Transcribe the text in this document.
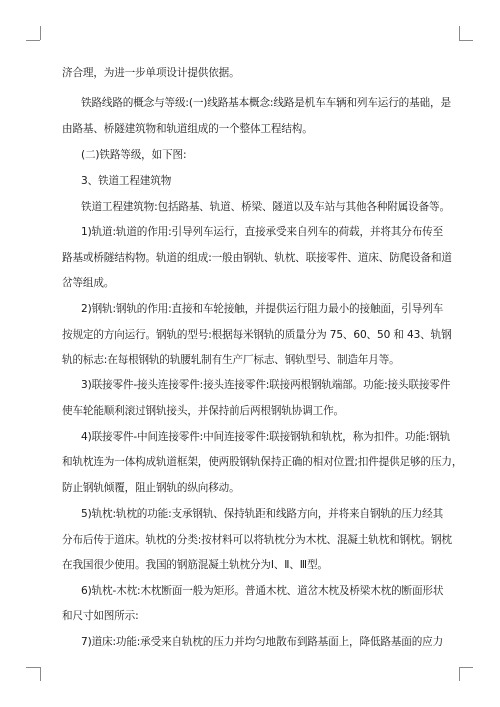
济合理，为进一步单项设计提供依据。
铁路线路的概念与等级:(一)线路基本概念:线路是机车车辆和列车运行的基础，是
由路基、桥隧建筑物和轨道组成的一个整体工程结构。
(二)铁路等级，如下图:
3、铁道工程建筑物
铁道工程建筑物:包括路基、轨道、桥梁、隧道以及车站与其他各种附属设备等。
1)轨道:轨道的作用:引导列车运行，直接承受来自列车的荷载，并将其分布传至
路基或桥隧结构物。轨道的组成:一般由钢轨、轨枕、联接零件、道床、防爬设备和道
岔等组成。
2)钢轨:钢轨的作用:直接和车轮接触，并提供运行阻力最小的接触面，引导列车
按规定的方向运行。钢轨的型号:根据每米钢轨的质量分为 75、60、50 和 43、轨钢
轨的标志:在每根钢轨的轨腰轧制有生产厂标志、钢轨型号、制造年月等。
3)联接零件-接头连接零件:接头连接零件:联接两根钢轨端部。功能:接头联接零件
使车轮能顺利滚过钢轨接头，并保持前后两根钢轨协调工作。
4)联接零件-中间连接零件:中间连接零件:联接钢轨和轨枕，称为扣件。功能:钢轨
和轨枕连为一体构成轨道框架，使两股钢轨保持正确的相对位置;扣件提供足够的压力，
防止钢轨倾覆，阻止钢轨的纵向移动。
5)轨枕:轨枕的功能:支承钢轨、保持轨距和线路方向，并将来自钢轨的压力经其
分布后传于道床。轨枕的分类:按材料可以将轨枕分为木枕、混凝土轨枕和钢枕。钢枕
在我国很少使用。我国的钢筋混凝土轨枕分为Ⅰ、Ⅱ、Ⅲ型。
6)轨枕-木枕:木枕断面一般为矩形。普通木枕、道岔木枕及桥梁木枕的断面形状
和尺寸如图所示:
7)道床:功能:承受来自轨枕的压力并均匀地散布到路基面上，降低路基面的应力
